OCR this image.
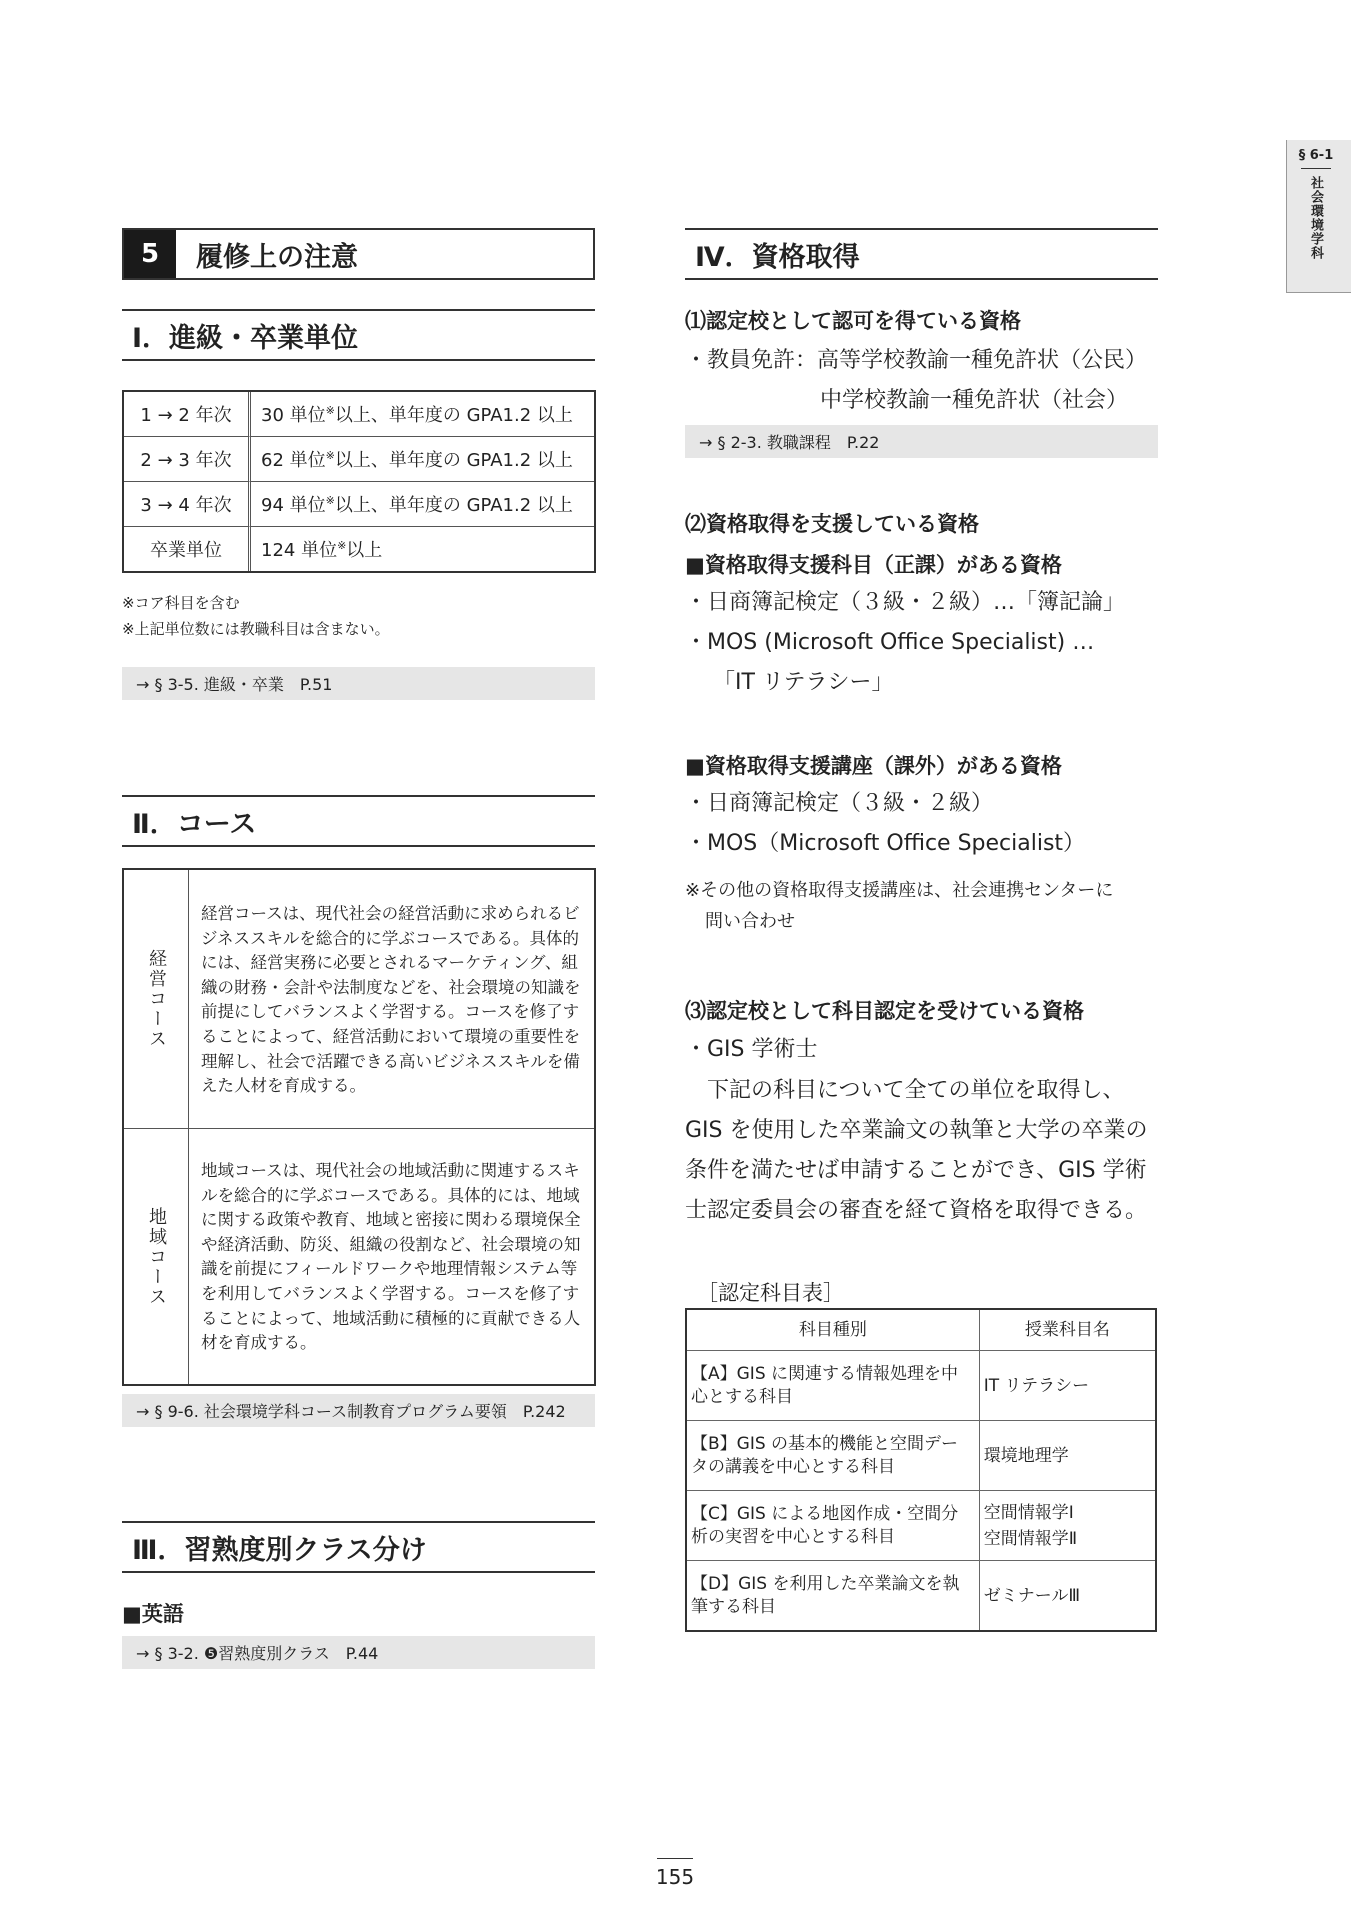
§ 6-1
社会環境学科
5	履修上の注意
Ⅰ．進級・卒業単位
1 → 2 年次	30 単位※以上、単年度の GPA1.2 以上
2 → 3 年次	62 単位※以上、単年度の GPA1.2 以上
3 → 4 年次	94 単位※以上、単年度の GPA1.2 以上
卒業単位	124 単位※以上
※コア科目を含む
※上記単位数には教職科目は含まない。
→ § 3-5. 進級・卒業　P.51
Ⅱ．コース
経営コース
経営コースは、現代社会の経営活動に求められるビジネススキルを総合的に学ぶコースである。具体的には、経営実務に必要とされるマーケティング、組織の財務・会計や法制度などを、社会環境の知識を前提にしてバランスよく学習する。コースを修了することによって、経営活動において環境の重要性を理解し、社会で活躍できる高いビジネススキルを備えた人材を育成する。
地域コース
地域コースは、現代社会の地域活動に関連するスキルを総合的に学ぶコースである。具体的には、地域に関する政策や教育、地域と密接に関わる環境保全や経済活動、防災、組織の役割など、社会環境の知識を前提にフィールドワークや地理情報システム等を利用してバランスよく学習する。コースを修了することによって、地域活動に積極的に貢献できる人材を育成する。
→ § 9-6. 社会環境学科コース制教育プログラム要領　P.242
Ⅲ．習熟度別クラス分け
■英語
→ § 3-2. ❺習熟度別クラス　P.44
Ⅳ．資格取得
⑴認定校として認可を得ている資格
・教員免許：高等学校教諭一種免許状（公民）
中学校教諭一種免許状（社会）
→ § 2-3. 教職課程　P.22
⑵資格取得を支援している資格
■資格取得支援科目（正課）がある資格
・日商簿記検定（３級・２級）…「簿記論」
・MOS (Microsoft Office Specialist) …
「IT リテラシー」
■資格取得支援講座（課外）がある資格
・日商簿記検定（３級・２級）
・MOS（Microsoft Office Specialist）
※その他の資格取得支援講座は、社会連携センターに
問い合わせ
⑶認定校として科目認定を受けている資格
・GIS 学術士
　下記の科目について全ての単位を取得し、GIS を使用した卒業論文の執筆と大学の卒業の条件を満たせば申請することができ、GIS 学術士認定委員会の審査を経て資格を取得できる。
［認定科目表］
科目種別	授業科目名
【A】GIS に関連する情報処理を中心とする科目	IT リテラシー
【B】GIS の基本的機能と空間データの講義を中心とする科目	環境地理学
【C】GIS による地図作成・空間分析の実習を中心とする科目	空間情報学Ⅰ
空間情報学Ⅱ

【D】GIS を利用した卒業論文を執筆する科目	ゼミナールⅢ
155
